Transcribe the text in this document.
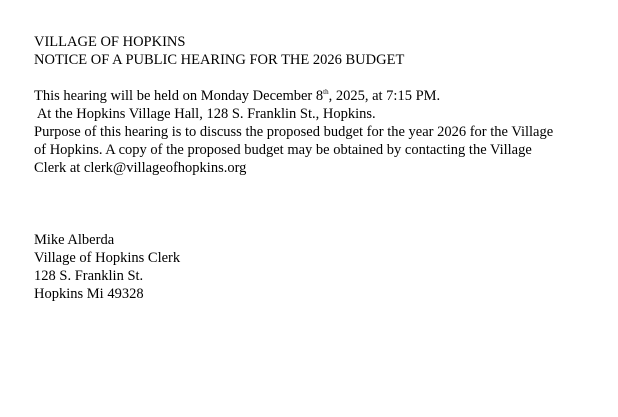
VILLAGE OF HOPKINS

NOTICE OF A PUBLIC HEARING FOR THE 2026 BUDGET

This hearing will be held on Monday December 8th, 2025, at 7:15 PM.

At the Hopkins Village Hall, 128 S. Franklin St., Hopkins.

Purpose of this hearing is to discuss the proposed budget for the year 2026 for the Village

of Hopkins. A copy of the proposed budget may be obtained by contacting the Village

Clerk at clerk@villageofhopkins.org

Mike Alberda

Village of Hopkins Clerk

128 S. Franklin St.

Hopkins Mi 49328
